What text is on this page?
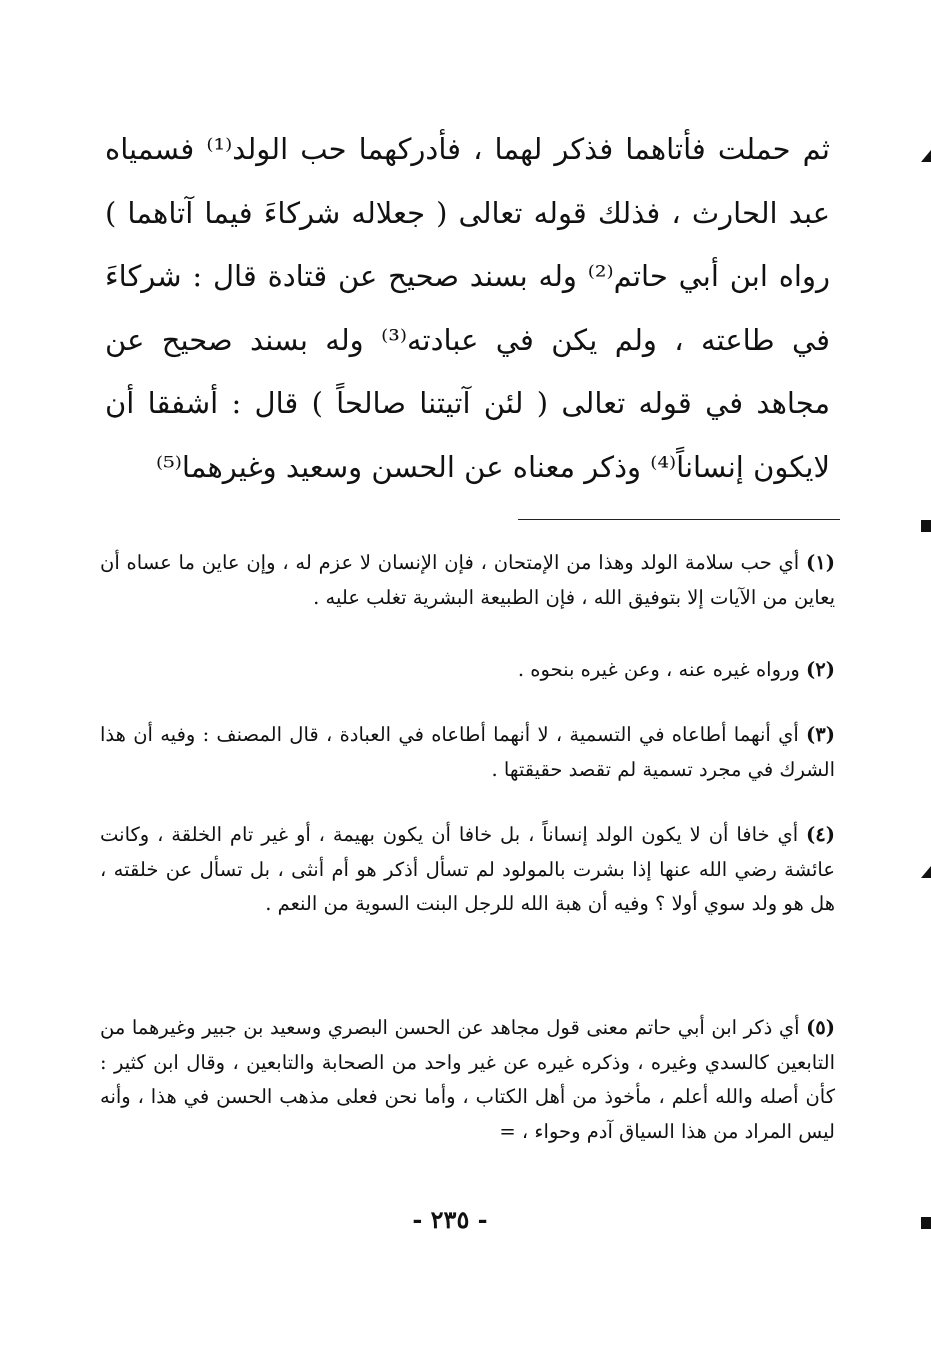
ثم حملت فأتاهما فذكر لهما ، فأدركهما حب الولد⁽¹⁾ فسمياه عبد الحارث ، فذلك قوله تعالى ( جعلاله شركاءَ فيما آتاهما ) رواه ابن أبي حاتم⁽²⁾ وله بسند صحيح عن قتادة قال : شركاءَ في طاعته ، ولم يكن في عبادته⁽³⁾ وله بسند صحيح عن مجاهد في قوله تعالى ( لئن آتيتنا صالحاً ) قال : أشفقا أن لايكون إنساناً⁽⁴⁾ وذكر معناه عن الحسن وسعيد وغيرهما⁽⁵⁾

(١) أي حب سلامة الولد وهذا من الإمتحان ، فإن الإنسان لا عزم له ، وإن عاين ما عساه أن يعاين من الآيات إلا بتوفيق الله ، فإن الطبيعة البشرية تغلب عليه .

(٢) ورواه غيره عنه ، وعن غيره بنحوه .

(٣) أي أنهما أطاعاه في التسمية ، لا أنهما أطاعاه في العبادة ، قال المصنف : وفيه أن هذا الشرك في مجرد تسمية لم تقصد حقيقتها .

(٤) أي خافا أن لا يكون الولد إنساناً ، بل خافا أن يكون بهيمة ، أو غير تام الخلقة ، وكانت عائشة رضي الله عنها إذا بشرت بالمولود لم تسأل أذكر هو أم أنثى ، بل تسأل عن خلقته ، هل هو ولد سوي أولا ؟ وفيه أن هبة الله للرجل البنت السوية من النعم .

(٥) أي ذكر ابن أبي حاتم معنى قول مجاهد عن الحسن البصري وسعيد بن جبير وغيرهما من التابعين كالسدي وغيره ، وذكره غيره عن غير واحد من الصحابة والتابعين ، وقال ابن كثير : كأن أصله والله أعلم ، مأخوذ من أهل الكتاب ، وأما نحن فعلى مذهب الحسن في هذا ، وأنه ليس المراد من هذا السياق آدم وحواء ، =

- ٢٣٥ -
